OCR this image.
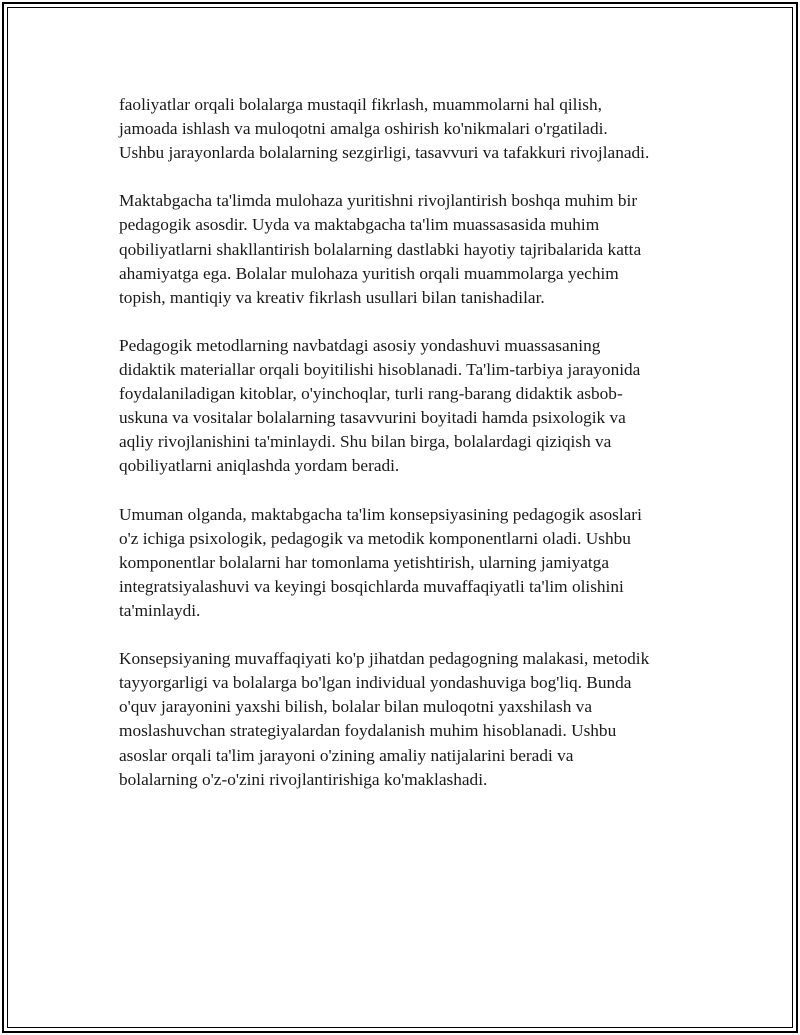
faoliyatlar orqali bolalarga mustaqil fikrlash, muammolarni hal qilish,
jamoada ishlash va muloqotni amalga oshirish ko'nikmalari o'rgatiladi.
Ushbu jarayonlarda bolalarning sezgirligi, tasavvuri va tafakkuri rivojlanadi.

Maktabgacha ta'limda mulohaza yuritishni rivojlantirish boshqa muhim bir
pedagogik asosdir. Uyda va maktabgacha ta'lim muassasasida muhim
qobiliyatlarni shakllantirish bolalarning dastlabki hayotiy tajribalarida katta
ahamiyatga ega. Bolalar mulohaza yuritish orqali muammolarga yechim
topish, mantiqiy va kreativ fikrlash usullari bilan tanishadilar.

Pedagogik metodlarning navbatdagi asosiy yondashuvi muassasaning
didaktik materiallar orqali boyitilishi hisoblanadi. Ta'lim-tarbiya jarayonida
foydalaniladigan kitoblar, o'yinchoqlar, turli rang-barang didaktik asbob-
uskuna va vositalar bolalarning tasavvurini boyitadi hamda psixologik va
aqliy rivojlanishini ta'minlaydi. Shu bilan birga, bolalardagi qiziqish va
qobiliyatlarni aniqlashda yordam beradi.

Umuman olganda, maktabgacha ta'lim konsepsiyasining pedagogik asoslari
o'z ichiga psixologik, pedagogik va metodik komponentlarni oladi. Ushbu
komponentlar bolalarni har tomonlama yetishtirish, ularning jamiyatga
integratsiyalashuvi va keyingi bosqichlarda muvaffaqiyatli ta'lim olishini
ta'minlaydi.

Konsepsiyaning muvaffaqiyati ko'p jihatdan pedagogning malakasi, metodik
tayyorgarligi va bolalarga bo'lgan individual yondashuviga bog'liq. Bunda
o'quv jarayonini yaxshi bilish, bolalar bilan muloqotni yaxshilash va
moslashuvchan strategiyalardan foydalanish muhim hisoblanadi. Ushbu
asoslar orqali ta'lim jarayoni o'zining amaliy natijalarini beradi va
bolalarning o'z-o'zini rivojlantirishiga ko'maklashadi.
